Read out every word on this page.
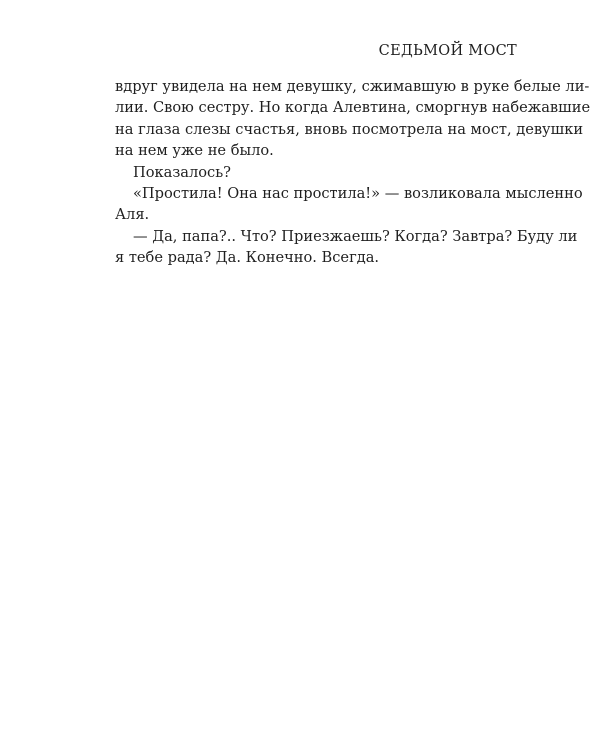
СЕДЬМОЙ МОСТ
вдруг увидела на нем девушку, сжимавшую в руке белые ли-
лии. Свою сестру. Но когда Алевтина, сморгнув набежавшие
на глаза слезы счастья, вновь посмотрела на мост, девушки
на нем уже не было.
Показалось?
«Простила! Она нас простила!» — возликовала мысленно
Аля.
— Да, папа?.. Что? Приезжаешь? Когда? Завтра? Буду ли
я тебе рада? Да. Конечно. Всегда.
